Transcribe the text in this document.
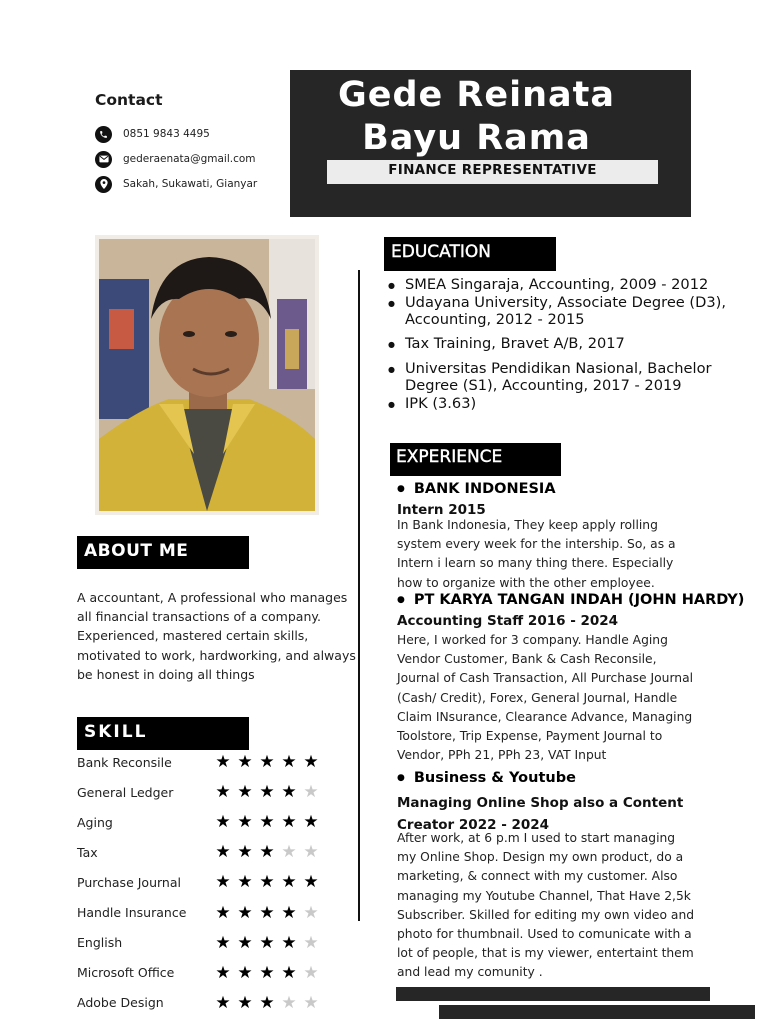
Gede Reinata
Bayu Rama
FINANCE REPRESENTATIVE
Contact
0851 9843 4495
gederaenata@gmail.com
Sakah, Sukawati, Gianyar
ABOUT ME
A accountant, A professional who manages all financial transactions of a company. Experienced, mastered certain skills, motivated to work, hardworking, and always be honest in doing all things
SKILL
Bank Reconsile	★ ★ ★ ★ ★
General Ledger	★ ★ ★ ★ ★
Aging	★ ★ ★ ★ ★
Tax	★ ★ ★ ★ ★
Purchase Journal	★ ★ ★ ★ ★
Handle Insurance	★ ★ ★ ★ ★
English	★ ★ ★ ★ ★
Microsoft Office	★ ★ ★ ★ ★
Adobe Design	★ ★ ★ ★ ★
EDUCATION
● SMEA Singaraja, Accounting, 2009 - 2012
● Udayana University, Associate Degree (D3), Accounting, 2012 - 2015
● Tax Training, Bravet A/B, 2017
● Universitas Pendidikan Nasional, Bachelor Degree (S1), Accounting, 2017 - 2019
● IPK (3.63)
EXPERIENCE
● BANK INDONESIA
Intern 2015
In Bank Indonesia, They keep apply rolling system every week for the intership. So, as a Intern i learn so many thing there. Especially how to organize with the other employee.
● PT KARYA TANGAN INDAH (JOHN HARDY)
Accounting Staff 2016 - 2024
Here, I worked for 3 company. Handle Aging Vendor Customer, Bank & Cash Reconsile, Journal of Cash Transaction, All Purchase Journal (Cash/ Credit), Forex, General Journal, Handle Claim INsurance, Clearance Advance, Managing Toolstore, Trip Expense, Payment Journal to Vendor, PPh 21, PPh 23, VAT Input
● Business & Youtube
Managing Online Shop also a Content Creator 2022 - 2024
After work, at 6 p.m I used to start managing my Online Shop. Design my own product, do a marketing, & connect with my customer. Also managing my Youtube Channel, That Have 2,5k Subscriber. Skilled for editing my own video and photo for thumbnail. Used to comunicate with a lot of people, that is my viewer, entertaint them and lead my comunity .
